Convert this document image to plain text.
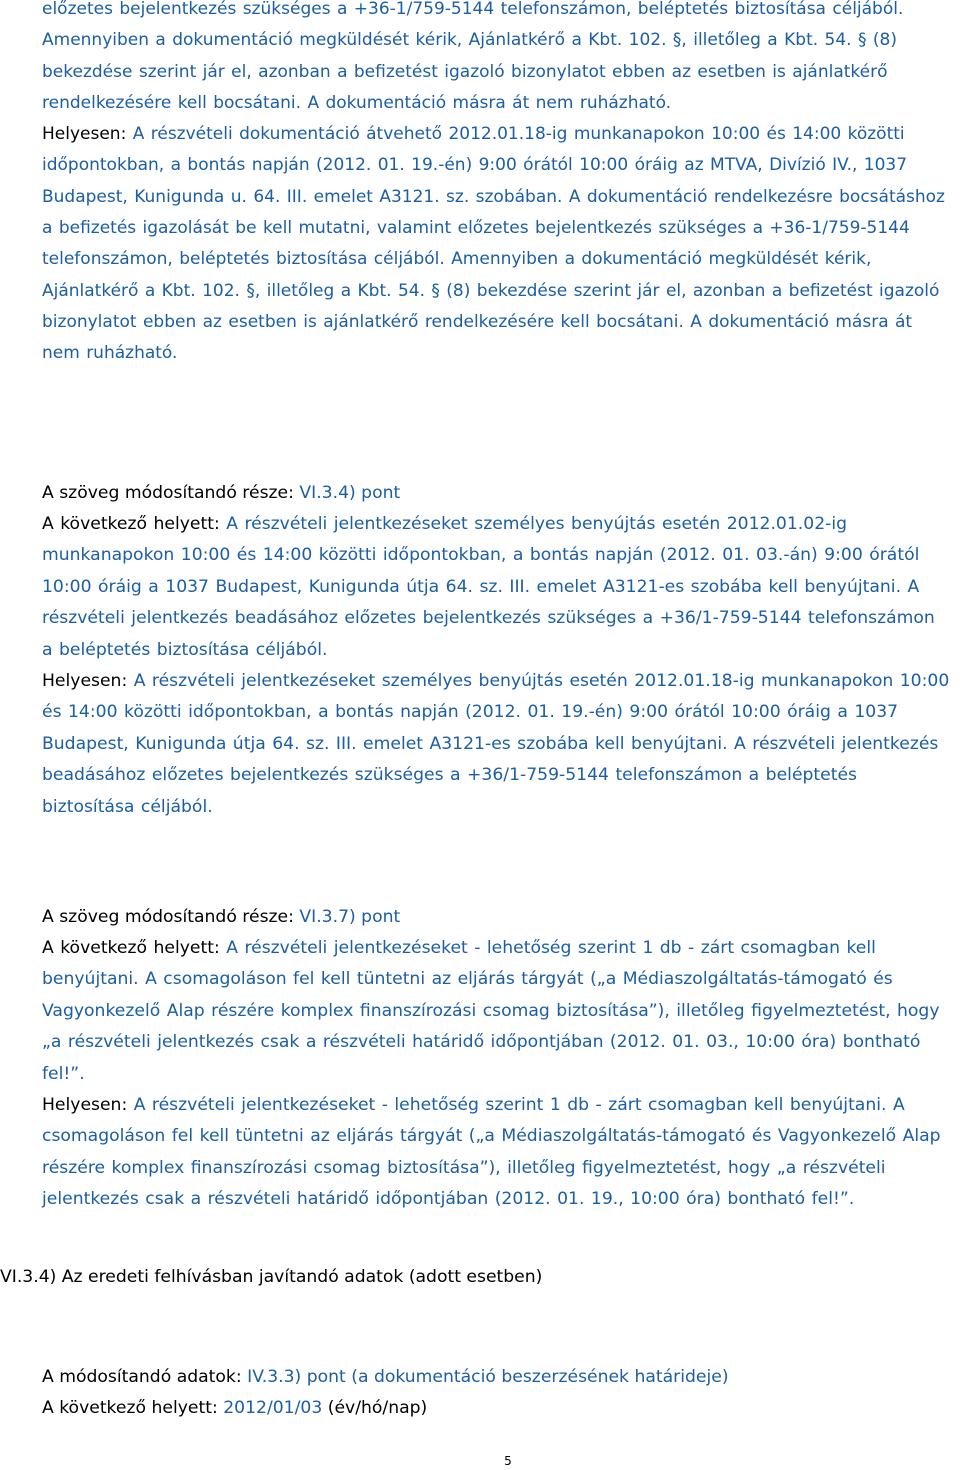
előzetes bejelentkezés szükséges a +36-1/759-5144 telefonszámon, beléptetés biztosítása céljából. Amennyiben a dokumentáció megküldését kérik, Ajánlatkérő a Kbt. 102. §, illetőleg a Kbt. 54. § (8) bekezdése szerint jár el, azonban a befizetést igazoló bizonylatot ebben az esetben is ajánlatkérő rendelkezésére kell bocsátani. A dokumentáció másra át nem ruházható.

Helyesen: A részvételi dokumentáció átvehető 2012.01.18-ig munkanapokon 10:00 és 14:00 közötti időpontokban, a bontás napján (2012. 01. 19.-én) 9:00 órától 10:00 óráig az MTVA, Divízió IV., 1037 Budapest, Kunigunda u. 64. III. emelet A3121. sz. szobában. A dokumentáció rendelkezésre bocsátáshoz a befizetés igazolását be kell mutatni, valamint előzetes bejelentkezés szükséges a +36-1/759-5144 telefonszámon, beléptetés biztosítása céljából. Amennyiben a dokumentáció megküldését kérik, Ajánlatkérő a Kbt. 102. §, illetőleg a Kbt. 54. § (8) bekezdése szerint jár el, azonban a befizetést igazoló bizonylatot ebben az esetben is ajánlatkérő rendelkezésére kell bocsátani. A dokumentáció másra át nem ruházható.

A szöveg módosítandó része: VI.3.4) pont

A következő helyett: A részvételi jelentkezéseket személyes benyújtás esetén 2012.01.02-ig munkanapokon 10:00 és 14:00 közötti időpontokban, a bontás napján (2012. 01. 03.-án) 9:00 órától 10:00 óráig a 1037 Budapest, Kunigunda útja 64. sz. III. emelet A3121-es szobába kell benyújtani. A részvételi jelentkezés beadásához előzetes bejelentkezés szükséges a +36/1-759-5144 telefonszámon a beléptetés biztosítása céljából.

Helyesen: A részvételi jelentkezéseket személyes benyújtás esetén 2012.01.18-ig munkanapokon 10:00 és 14:00 közötti időpontokban, a bontás napján (2012. 01. 19.-én) 9:00 órától 10:00 óráig a 1037 Budapest, Kunigunda útja 64. sz. III. emelet A3121-es szobába kell benyújtani. A részvételi jelentkezés beadásához előzetes bejelentkezés szükséges a +36/1-759-5144 telefonszámon a beléptetés biztosítása céljából.

A szöveg módosítandó része: VI.3.7) pont

A következő helyett: A részvételi jelentkezéseket - lehetőség szerint 1 db - zárt csomagban kell benyújtani. A csomagoláson fel kell tüntetni az eljárás tárgyát („a Médiaszolgáltatás-támogató és Vagyonkezelő Alap részére komplex finanszírozási csomag biztosítása”), illetőleg figyelmeztetést, hogy „a részvételi jelentkezés csak a részvételi határidő időpontjában (2012. 01. 03., 10:00 óra) bontható fel!”.

Helyesen: A részvételi jelentkezéseket - lehetőség szerint 1 db - zárt csomagban kell benyújtani. A csomagoláson fel kell tüntetni az eljárás tárgyát („a Médiaszolgáltatás-támogató és Vagyonkezelő Alap részére komplex finanszírozási csomag biztosítása”), illetőleg figyelmeztetést, hogy „a részvételi jelentkezés csak a részvételi határidő időpontjában (2012. 01. 19., 10:00 óra) bontható fel!”.

VI.3.4) Az eredeti felhívásban javítandó adatok (adott esetben)

A módosítandó adatok: IV.3.3) pont (a dokumentáció beszerzésének határideje)

A következő helyett: 2012/01/03 (év/hó/nap)

5
